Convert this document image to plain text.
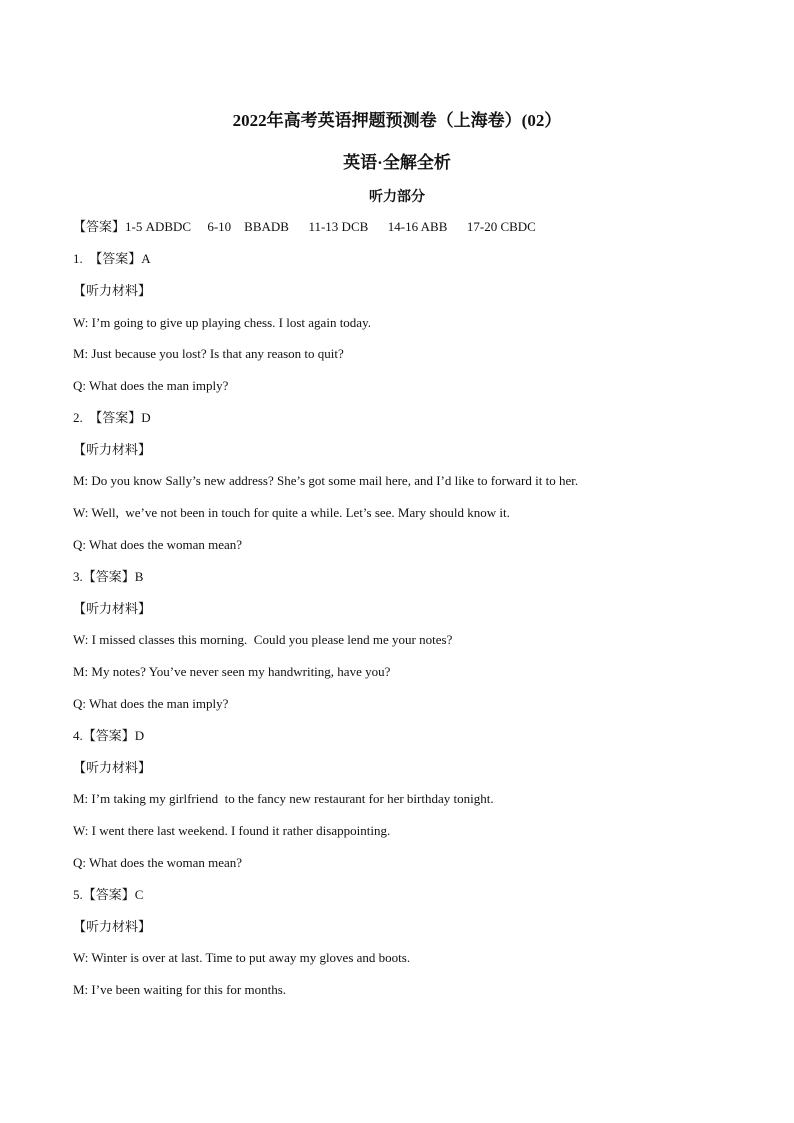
2022年高考英语押题预测卷（上海卷）(02）
英语·全解全析
听力部分
【答案】1-5 ADBDC     6-10    BBADB      11-13 DCB      14-16 ABB      17-20 CBDC
1.  【答案】A
【听力材料】
W: I’m going to give up playing chess. I lost again today.
M: Just because you lost? Is that any reason to quit?
Q: What does the man imply?
2.  【答案】D
【听力材料】
M: Do you know Sally’s new address? She’s got some mail here, and I’d like to forward it to her.
W: Well,  we’ve not been in touch for quite a while. Let’s see. Mary should know it.
Q: What does the woman mean?
3.【答案】B
【听力材料】
W: I missed classes this morning.  Could you please lend me your notes?
M: My notes? You’ve never seen my handwriting, have you?
Q: What does the man imply?
4.【答案】D
【听力材料】
M: I’m taking my girlfriend  to the fancy new restaurant for her birthday tonight.
W: I went there last weekend. I found it rather disappointing.
Q: What does the woman mean?
5.【答案】C
【听力材料】
W: Winter is over at last. Time to put away my gloves and boots.
M: I’ve been waiting for this for months.
